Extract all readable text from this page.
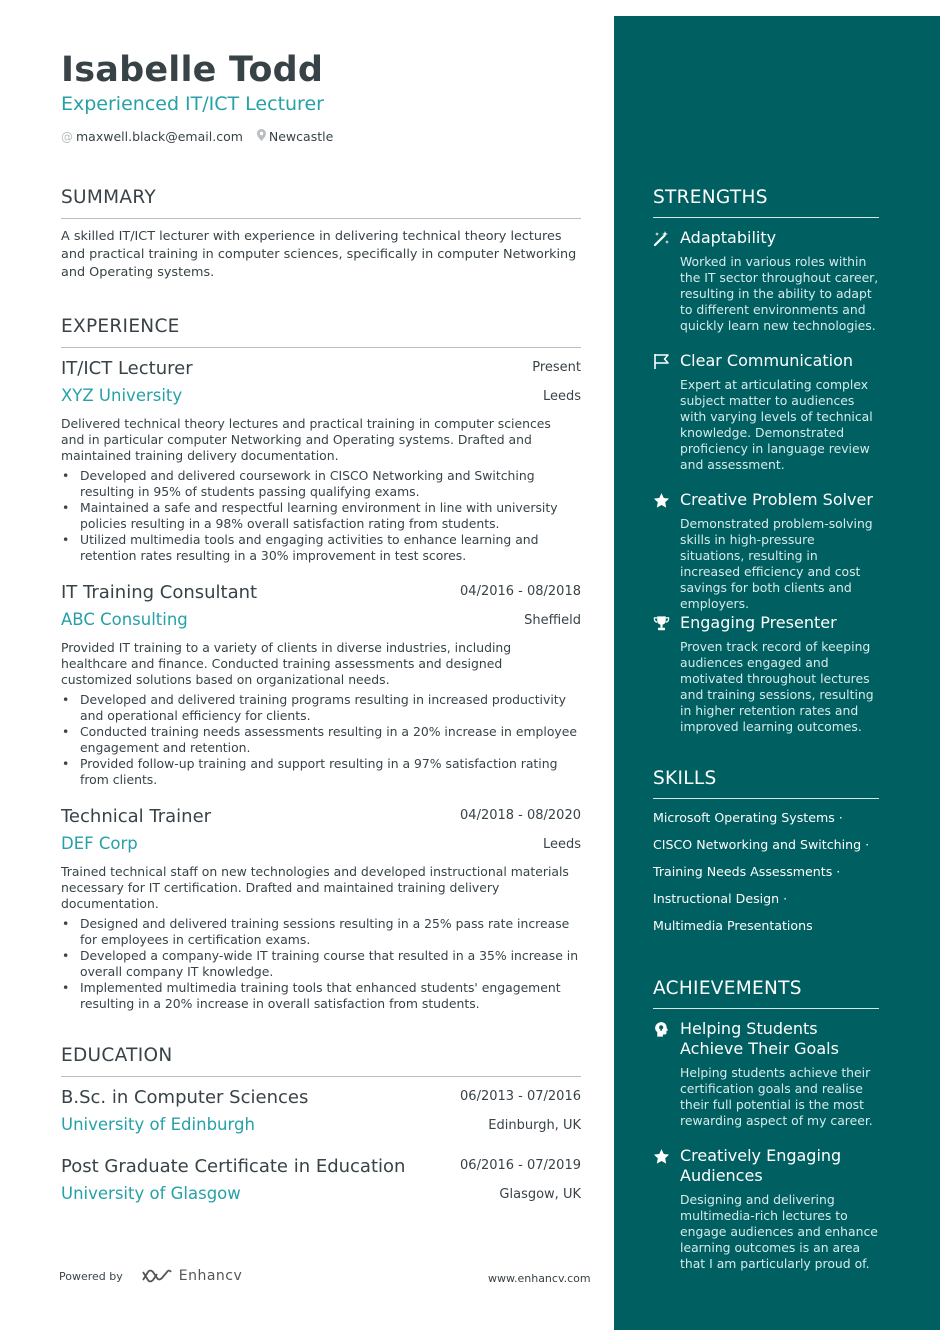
Isabelle Todd
Experienced IT/ICT Lecturer
@ maxwell.black@email.com Newcastle
SUMMARY
A skilled IT/ICT lecturer with experience in delivering technical theory lectures and practical training in computer sciences, specifically in computer Networking and Operating systems.
EXPERIENCE
IT/ICT Lecturer	Present
XYZ University	Leeds
Delivered technical theory lectures and practical training in computer sciences and in particular computer Networking and Operating systems. Drafted and maintained training delivery documentation.
• Developed and delivered coursework in CISCO Networking and Switching resulting in 95% of students passing qualifying exams.
• Maintained a safe and respectful learning environment in line with university policies resulting in a 98% overall satisfaction rating from students.
• Utilized multimedia tools and engaging activities to enhance learning and retention rates resulting in a 30% improvement in test scores.
IT Training Consultant	04/2016 - 08/2018
ABC Consulting	Sheffield
Provided IT training to a variety of clients in diverse industries, including healthcare and finance. Conducted training assessments and designed customized solutions based on organizational needs.
• Developed and delivered training programs resulting in increased productivity and operational efficiency for clients.
• Conducted training needs assessments resulting in a 20% increase in employee engagement and retention.
• Provided follow-up training and support resulting in a 97% satisfaction rating from clients.
Technical Trainer	04/2018 - 08/2020
DEF Corp	Leeds
Trained technical staff on new technologies and developed instructional materials necessary for IT certification. Drafted and maintained training delivery documentation.
• Designed and delivered training sessions resulting in a 25% pass rate increase for employees in certification exams.
• Developed a company-wide IT training course that resulted in a 35% increase in overall company IT knowledge.
• Implemented multimedia training tools that enhanced students' engagement resulting in a 20% increase in overall satisfaction from students.
EDUCATION
B.Sc. in Computer Sciences	06/2013 - 07/2016
University of Edinburgh	Edinburgh, UK
Post Graduate Certificate in Education	06/2016 - 07/2019
University of Glasgow	Glasgow, UK
Powered by	Enhancv	www.enhancv.com
STRENGTHS
Adaptability
Worked in various roles within the IT sector throughout career, resulting in the ability to adapt to different environments and quickly learn new technologies.
Clear Communication
Expert at articulating complex subject matter to audiences with varying levels of technical knowledge. Demonstrated proficiency in language review and assessment.
Creative Problem Solver
Demonstrated problem-solving skills in high-pressure situations, resulting in increased efficiency and cost savings for both clients and employers.
Engaging Presenter
Proven track record of keeping audiences engaged and motivated throughout lectures and training sessions, resulting in higher retention rates and improved learning outcomes.
SKILLS
Microsoft Operating Systems ·
CISCO Networking and Switching ·
Training Needs Assessments ·
Instructional Design ·
Multimedia Presentations
ACHIEVEMENTS
Helping Students Achieve Their Goals
Helping students achieve their certification goals and realise their full potential is the most rewarding aspect of my career.
Creatively Engaging Audiences
Designing and delivering multimedia-rich lectures to engage audiences and enhance learning outcomes is an area that I am particularly proud of.
